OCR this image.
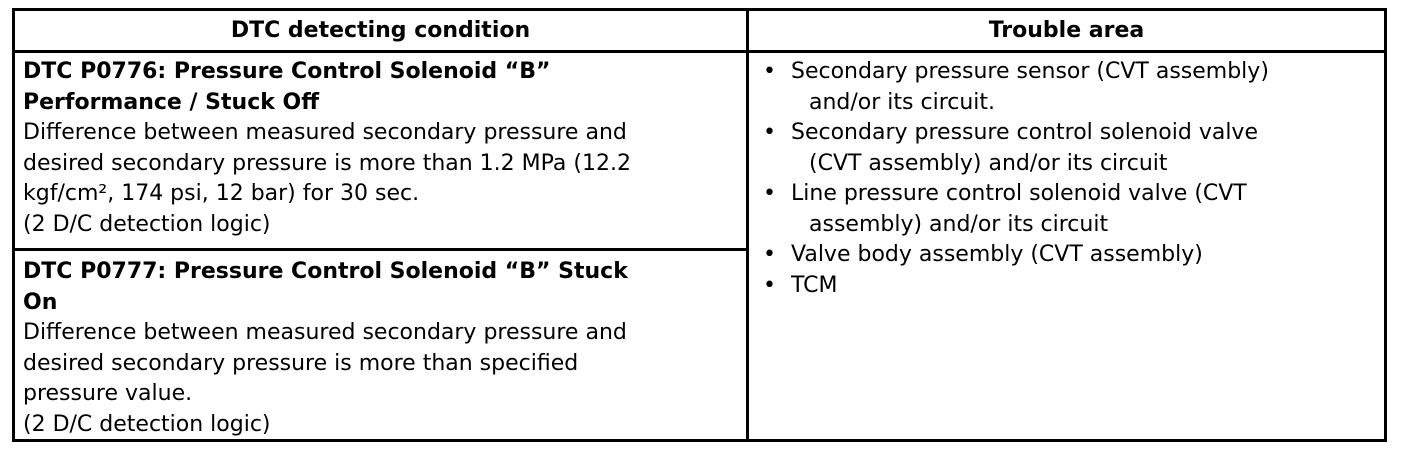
DTC detecting condition	Trouble area
DTC P0776: Pressure Control Solenoid “B”
Performance / Stuck Off
Difference between measured secondary pressure and
desired secondary pressure is more than 1.2 MPa (12.2
kgf/cm², 174 psi, 12 bar) for 30 sec.
(2 D/C detection logic)
DTC P0777: Pressure Control Solenoid “B” Stuck
On
Difference between measured secondary pressure and
desired secondary pressure is more than specified
pressure value.
(2 D/C detection logic)
• Secondary pressure sensor (CVT assembly)
and/or its circuit.
• Secondary pressure control solenoid valve
(CVT assembly) and/or its circuit
• Line pressure control solenoid valve (CVT
assembly) and/or its circuit
• Valve body assembly (CVT assembly)
• TCM
